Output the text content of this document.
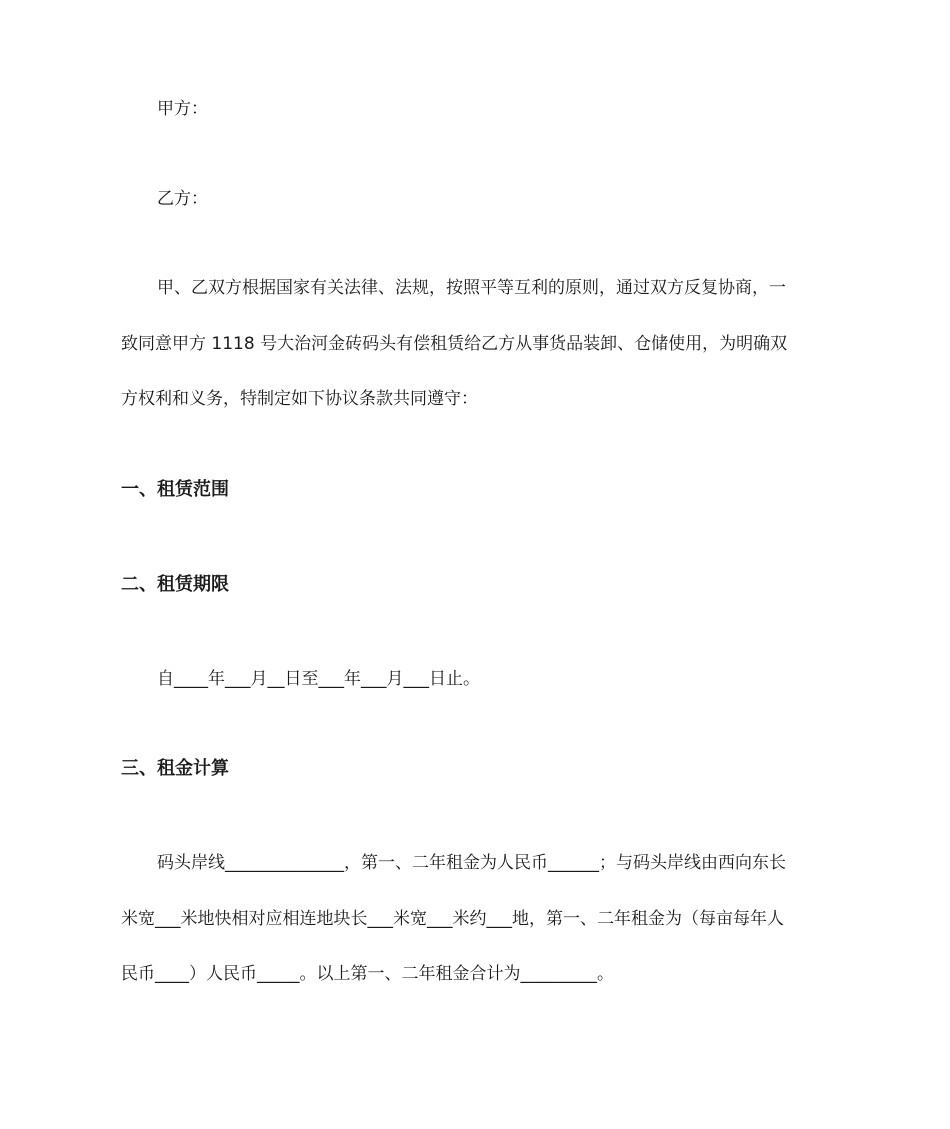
甲方：
乙方：
甲、乙双方根据国家有关法律、法规，按照平等互利的原则，通过双方反复协商，一
致同意甲方 1118 号大治河金砖码头有偿租赁给乙方从事货品装卸、仓储使用，为明确双
方权利和义务，特制定如下协议条款共同遵守：
一、租赁范围
二、租赁期限
自____年___月__日至___年___月___日止。
三、租金计算
码头岸线______________，第一、二年租金为人民币______；与码头岸线由西向东长
米宽___米地快相对应相连地块长___米宽___米约___地，第一、二年租金为（每亩每年人
民币____）人民币_____。以上第一、二年租金合计为_________。
